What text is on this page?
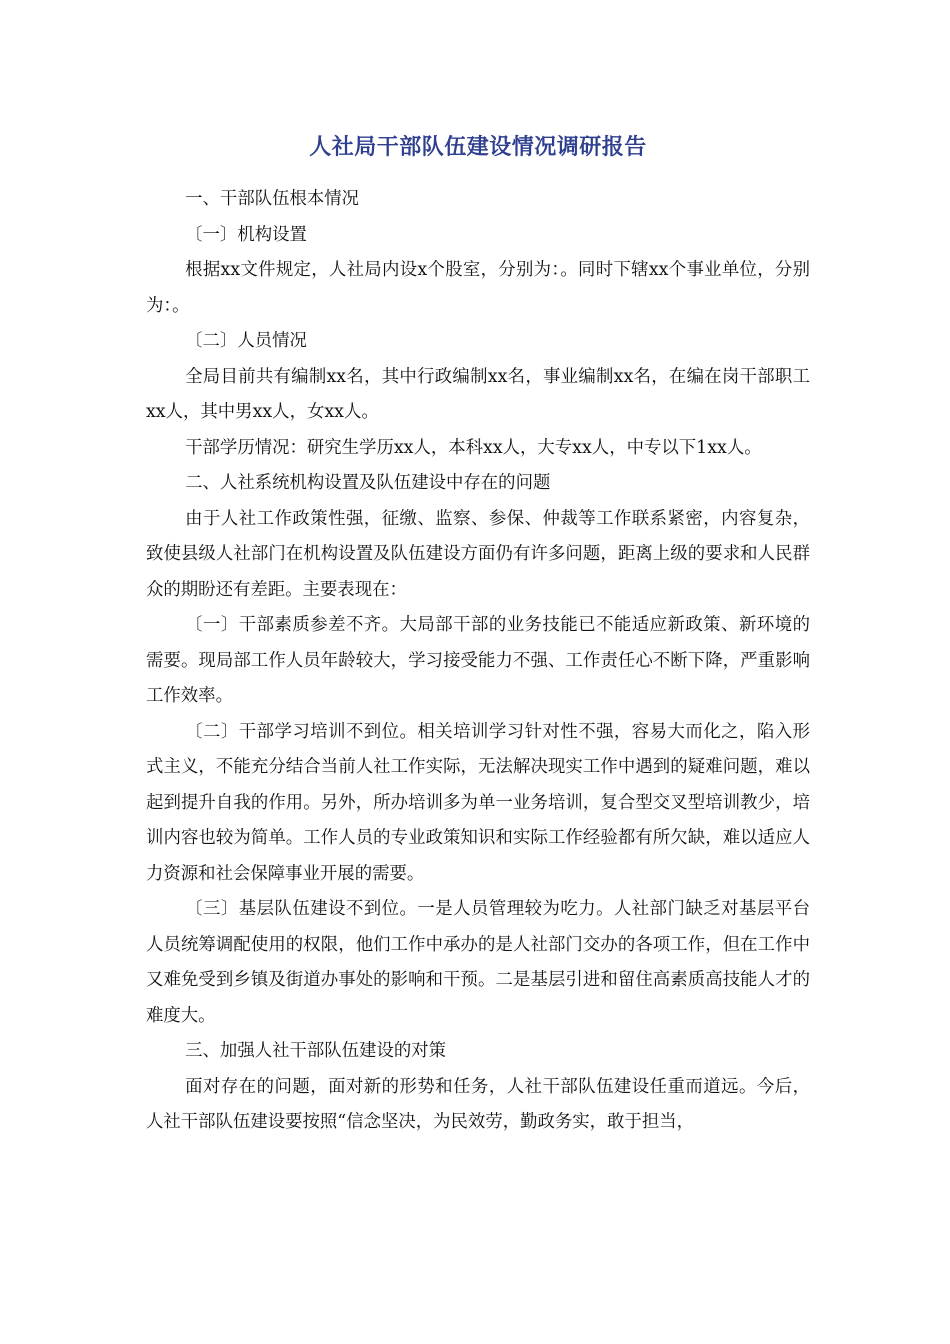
人社局干部队伍建设情况调研报告

一、干部队伍根本情况

〔一〕机构设置

根据xx文件规定，人社局内设x个股室，分别为：。同时下辖xx个事业单位，分别为：。

〔二〕人员情况

全局目前共有编制xx名，其中行政编制xx名，事业编制xx名，在编在岗干部职工xx人，其中男xx人，女xx人。

干部学历情况：研究生学历xx人，本科xx人，大专xx人，中专以下1xx人。

二、人社系统机构设置及队伍建设中存在的问题

由于人社工作政策性强，征缴、监察、参保、仲裁等工作联系紧密，内容复杂，致使县级人社部门在机构设置及队伍建设方面仍有许多问题，距离上级的要求和人民群众的期盼还有差距。主要表现在：

〔一〕干部素质参差不齐。大局部干部的业务技能已不能适应新政策、新环境的需要。现局部工作人员年龄较大，学习接受能力不强、工作责任心不断下降，严重影响工作效率。

〔二〕干部学习培训不到位。相关培训学习针对性不强，容易大而化之，陷入形式主义，不能充分结合当前人社工作实际，无法解决现实工作中遇到的疑难问题，难以起到提升自我的作用。另外，所办培训多为单一业务培训，复合型交叉型培训教少，培训内容也较为简单。工作人员的专业政策知识和实际工作经验都有所欠缺，难以适应人力资源和社会保障事业开展的需要。

〔三〕基层队伍建设不到位。一是人员管理较为吃力。人社部门缺乏对基层平台人员统筹调配使用的权限，他们工作中承办的是人社部门交办的各项工作，但在工作中又难免受到乡镇及街道办事处的影响和干预。二是基层引进和留住高素质高技能人才的难度大。

三、加强人社干部队伍建设的对策

面对存在的问题，面对新的形势和任务，人社干部队伍建设任重而道远。今后，人社干部队伍建设要按照“信念坚决，为民效劳，勤政务实，敢于担当，
